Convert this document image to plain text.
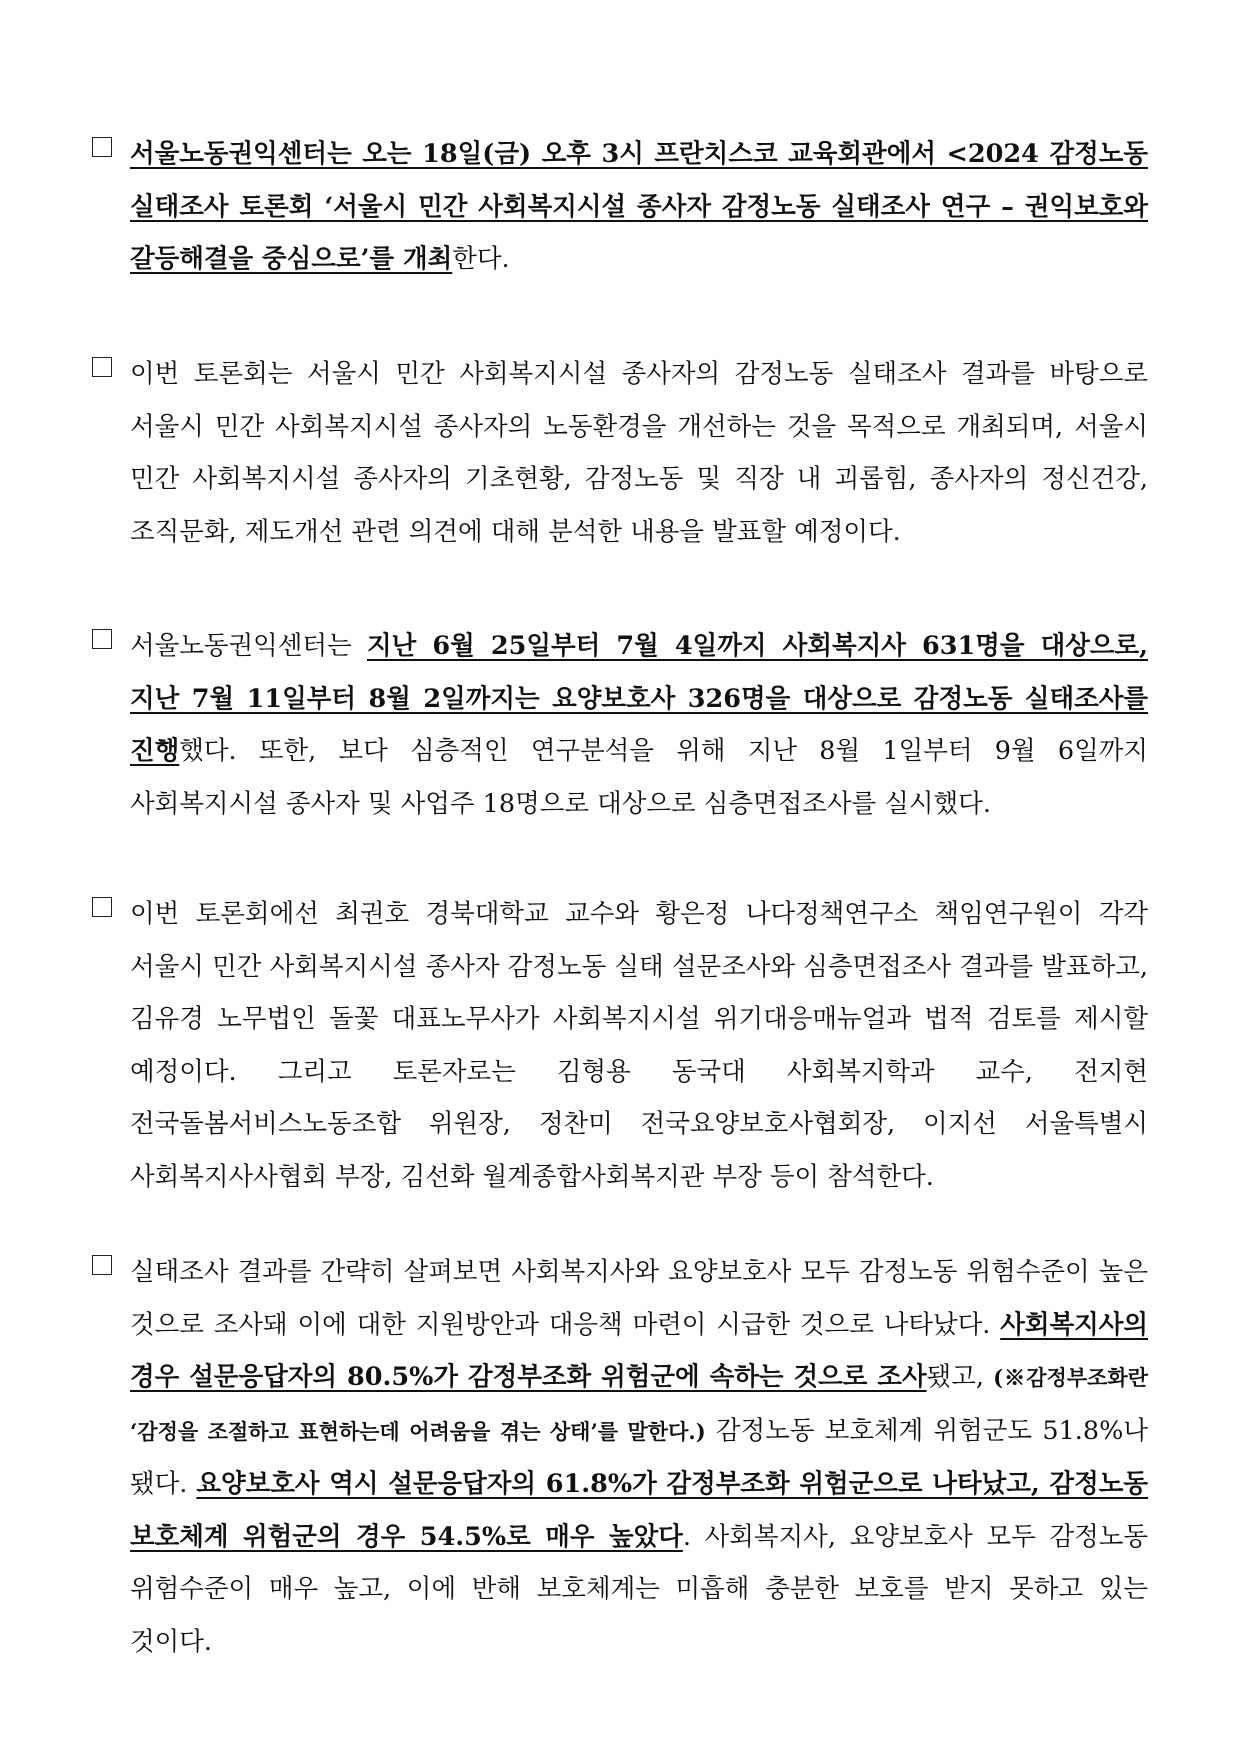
서울노동권익센터는 오는 18일(금) 오후 3시 프란치스코 교육회관에서 <2024 감정노동 실태조사 토론회 ‘서울시 민간 사회복지시설 종사자 감정노동 실태조사 연구 – 권익보호와 갈등해결을 중심으로’를 개최한다.
이번 토론회는 서울시 민간 사회복지시설 종사자의 감정노동 실태조사 결과를 바탕으로 서울시 민간 사회복지시설 종사자의 노동환경을 개선하는 것을 목적으로 개최되며, 서울시 민간 사회복지시설 종사자의 기초현황, 감정노동 및 직장 내 괴롭힘, 종사자의 정신건강, 조직문화, 제도개선 관련 의견에 대해 분석한 내용을 발표할 예정이다.
서울노동권익센터는 지난 6월 25일부터 7월 4일까지 사회복지사 631명을 대상으로, 지난 7월 11일부터 8월 2일까지는 요양보호사 326명을 대상으로 감정노동 실태조사를 진행했다. 또한, 보다 심층적인 연구분석을 위해 지난 8월 1일부터 9월 6일까지 사회복지시설 종사자 및 사업주 18명으로 대상으로 심층면접조사를 실시했다.
이번 토론회에선 최권호 경북대학교 교수와 황은정 나다정책연구소 책임연구원이 각각 서울시 민간 사회복지시설 종사자 감정노동 실태 설문조사와 심층면접조사 결과를 발표하고, 김유경 노무법인 돌꽃 대표노무사가 사회복지시설 위기대응매뉴얼과 법적 검토를 제시할 예정이다. 그리고 토론자로는 김형용 동국대 사회복지학과 교수, 전지현 전국돌봄서비스노동조합 위원장, 정찬미 전국요양보호사협회장, 이지선 서울특별시 사회복지사사협회 부장, 김선화 월계종합사회복지관 부장 등이 참석한다.
실태조사 결과를 간략히 살펴보면 사회복지사와 요양보호사 모두 감정노동 위험수준이 높은 것으로 조사돼 이에 대한 지원방안과 대응책 마련이 시급한 것으로 나타났다. 사회복지사의 경우 설문응답자의 80.5%가 감정부조화 위험군에 속하는 것으로 조사됐고, (※감정부조화란 ‘감정을 조절하고 표현하는데 어려움을 겪는 상태’를 말한다.) 감정노동 보호체계 위험군도 51.8%나 됐다. 요양보호사 역시 설문응답자의 61.8%가 감정부조화 위험군으로 나타났고, 감정노동 보호체계 위험군의 경우 54.5%로 매우 높았다. 사회복지사, 요양보호사 모두 감정노동 위험수준이 매우 높고, 이에 반해 보호체계는 미흡해 충분한 보호를 받지 못하고 있는 것이다.
